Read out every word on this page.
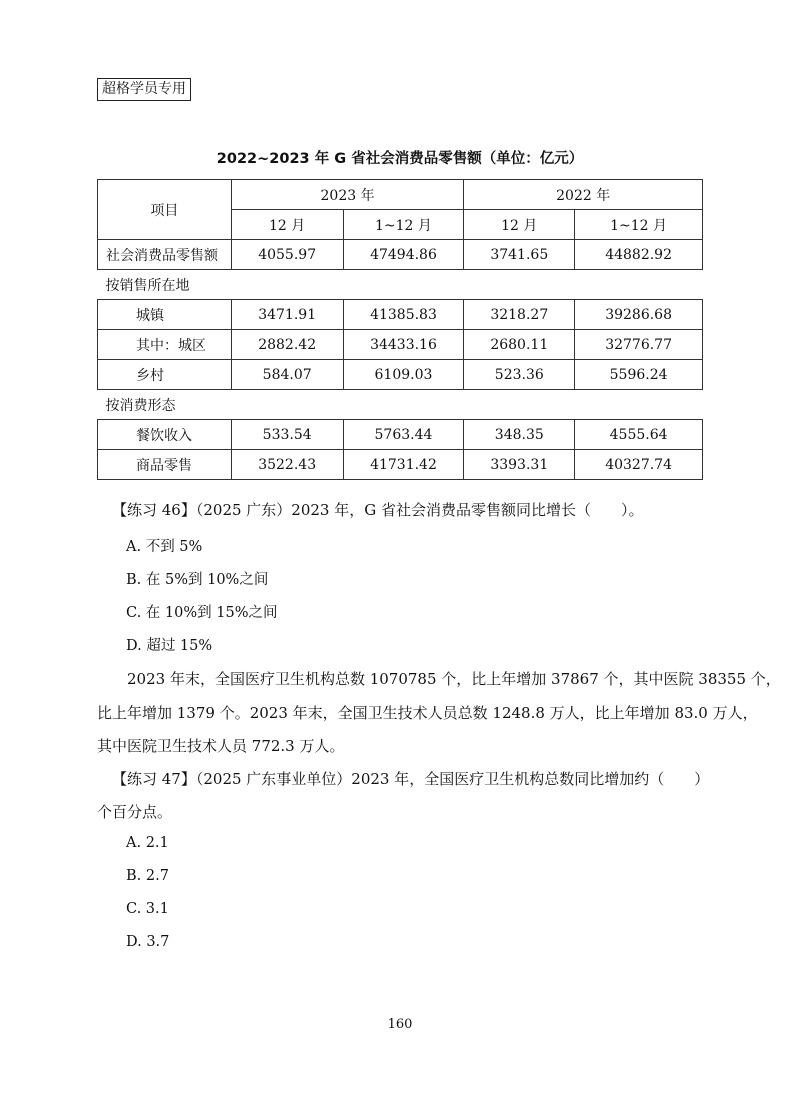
超格学员专用
2022~2023 年 G 省社会消费品零售额（单位：亿元）
项目	2023 年		2022 年	
	12 月	1~12 月	12 月	1~12 月
社会消费品零售额	4055.97	47494.86	3741.65	44882.92
按销售所在地				
城镇	3471.91	41385.83	3218.27	39286.68
其中：城区	2882.42	34433.16	2680.11	32776.77
乡村	584.07	6109.03	523.36	5596.24
按消费形态				
餐饮收入	533.54	5763.44	348.35	4555.64
商品零售	3522.43	41731.42	3393.31	40327.74
【练习 46】（2025 广东）2023 年，G 省社会消费品零售额同比增长（　　）。
A. 不到 5%
B. 在 5%到 10%之间
C. 在 10%到 15%之间
D. 超过 15%
2023 年末，全国医疗卫生机构总数 1070785 个，比上年增加 37867 个，其中医院 38355 个，
比上年增加 1379 个。2023 年末，全国卫生技术人员总数 1248.8 万人，比上年增加 83.0 万人，
其中医院卫生技术人员 772.3 万人。
【练习 47】（2025 广东事业单位）2023 年，全国医疗卫生机构总数同比增加约（　　）
个百分点。
A. 2.1
B. 2.7
C. 3.1
D. 3.7
160
